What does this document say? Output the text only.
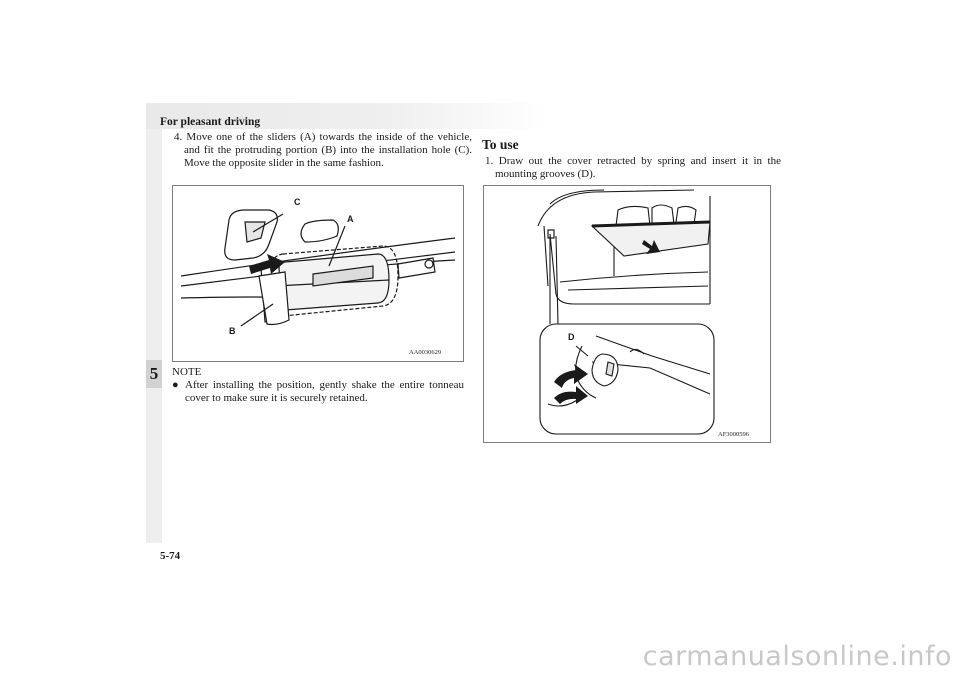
For pleasant driving
5
4. Move one of the sliders (A) towards the inside of the vehicle, and fit the protruding portion (B) into the installation hole (C). Move the opposite slider in the same fashion.
C
A
B
AA0030629
NOTE
● After installing the position, gently shake the entire tonneau cover to make sure it is securely retained.
To use
1. Draw out the cover retracted by spring and insert it in the mounting grooves (D).
D
AF3000596
5-74
carmanualsonline.info
